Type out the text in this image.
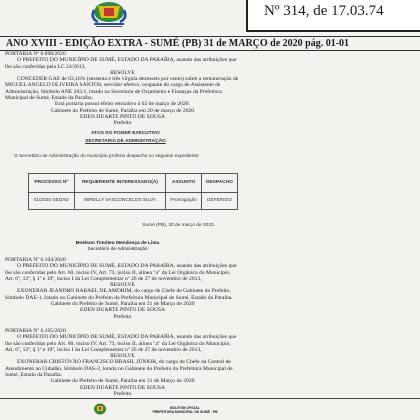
Nº 314, de 17.03.74
ANO XVIII - EDIÇÃO EXTRA - SUMÉ (PB) 31 de MARÇO de 2020 pág. 01-01

PORTARIA Nº 6.098/2020

O PREFEITO DO MUNICÍPIO DE SUMÉ, ESTADO DA PARAÍBA, usando das atribuições que lhe são conferidas pela LC 24/2013,

RESOLVE

CONCEDER GAE de 63,16% (sessenta e três vírgula dezesseis por cento) sobre a remuneração de MIGUEL ANGELO OLIVEIRA SANTOS, servidor efetivo, ocupante do cargo de Assistente de Administração, Símbolo ANE 203.1, lotado na Secretaria de Orçamento e Finanças da Prefeitura Municipal de Sumé, Estado da Paraíba.

Esta portaria possui efeito retroativo à 02 de março de 2020.

Gabinete do Prefeito de Sumé, Paraíba em 20 de março de 2020

EDEN DUARTE PINTO DE SOUSA

Prefeito

ATOS DO PODER EXECUTIVO
SECRETARIA DE ADMINISTRAÇÃO
O Secretário de Administração do município proferiu despacho no seguinte expediente:
PROCESSO Nº	REQUERENTE INTERESSADO(A)	ASSUNTO	DESPACHO
01/2020 SEDAD	MIRELLY VASCONCELOS SILVA	Prorrogação	DEFERIDO
Sumé (PB), 30 de março de 2020.
Boelson Timóteo Mendonça de Lima
Secretário de Administração

PORTARIA Nº 6.104/2020

O PREFEITO DO MUNICÍPIO DE SUMÉ, ESTADO DA PARAÍBA, usando das atribuições que lhe são conferidas pelo Art. 60, inciso IV, Art. 73, inciso II, alínea "a" da Lei Orgânica do Município, Art. 6º, 12º, § 1º e 19º, inciso I da Lei Complementar nº 26 de 27 de novembro de 2013,

RESOLVE

EXONERAR JEANDRO RABAEL DE AMORIM, do cargo de Chefe de Gabinete do Prefeito, Símbolo DAE-1, lotado no Gabinete do Prefeito da Prefeitura Municipal de Sumé, Estado da Paraíba.

Gabinete do Prefeito de Sumé, Paraíba em 31 de Março de 2020

EDEN DUARTE PINTO DE SOUSA

Prefeito

PORTARIA Nº 6.105/2020

O PREFEITO DO MUNICÍPIO DE SUMÉ, ESTADO DA PARAÍBA, usando das atribuições que lhe são conferidas pelo Art. 60, inciso IV, Art. 73, inciso II, alínea "a" da Lei Orgânica do Município, Art. 6º, 12º, § 1º e 19º, inciso I da Lei Complementar nº 26 de 27 de novembro de 2013,

RESOLVE

EXONERAR CRISTÓVÃO FRANCISCO BRASIL JÚNIOR, do cargo de Chefe da Central de Atendimento ao Cidadão, Símbolo DAS-2, lotado no Gabinete do Prefeito da Prefeitura Municipal de Sumé, Estado da Paraíba.

Gabinete do Prefeito de Sumé, Paraíba em 31 de Março de 2020

EDEN DUARTE PINTO DE SOUSA

Prefeito

BOLETIM OFICIAL
PREFEITURA MUNICIPAL DE SUMÉ - PB
